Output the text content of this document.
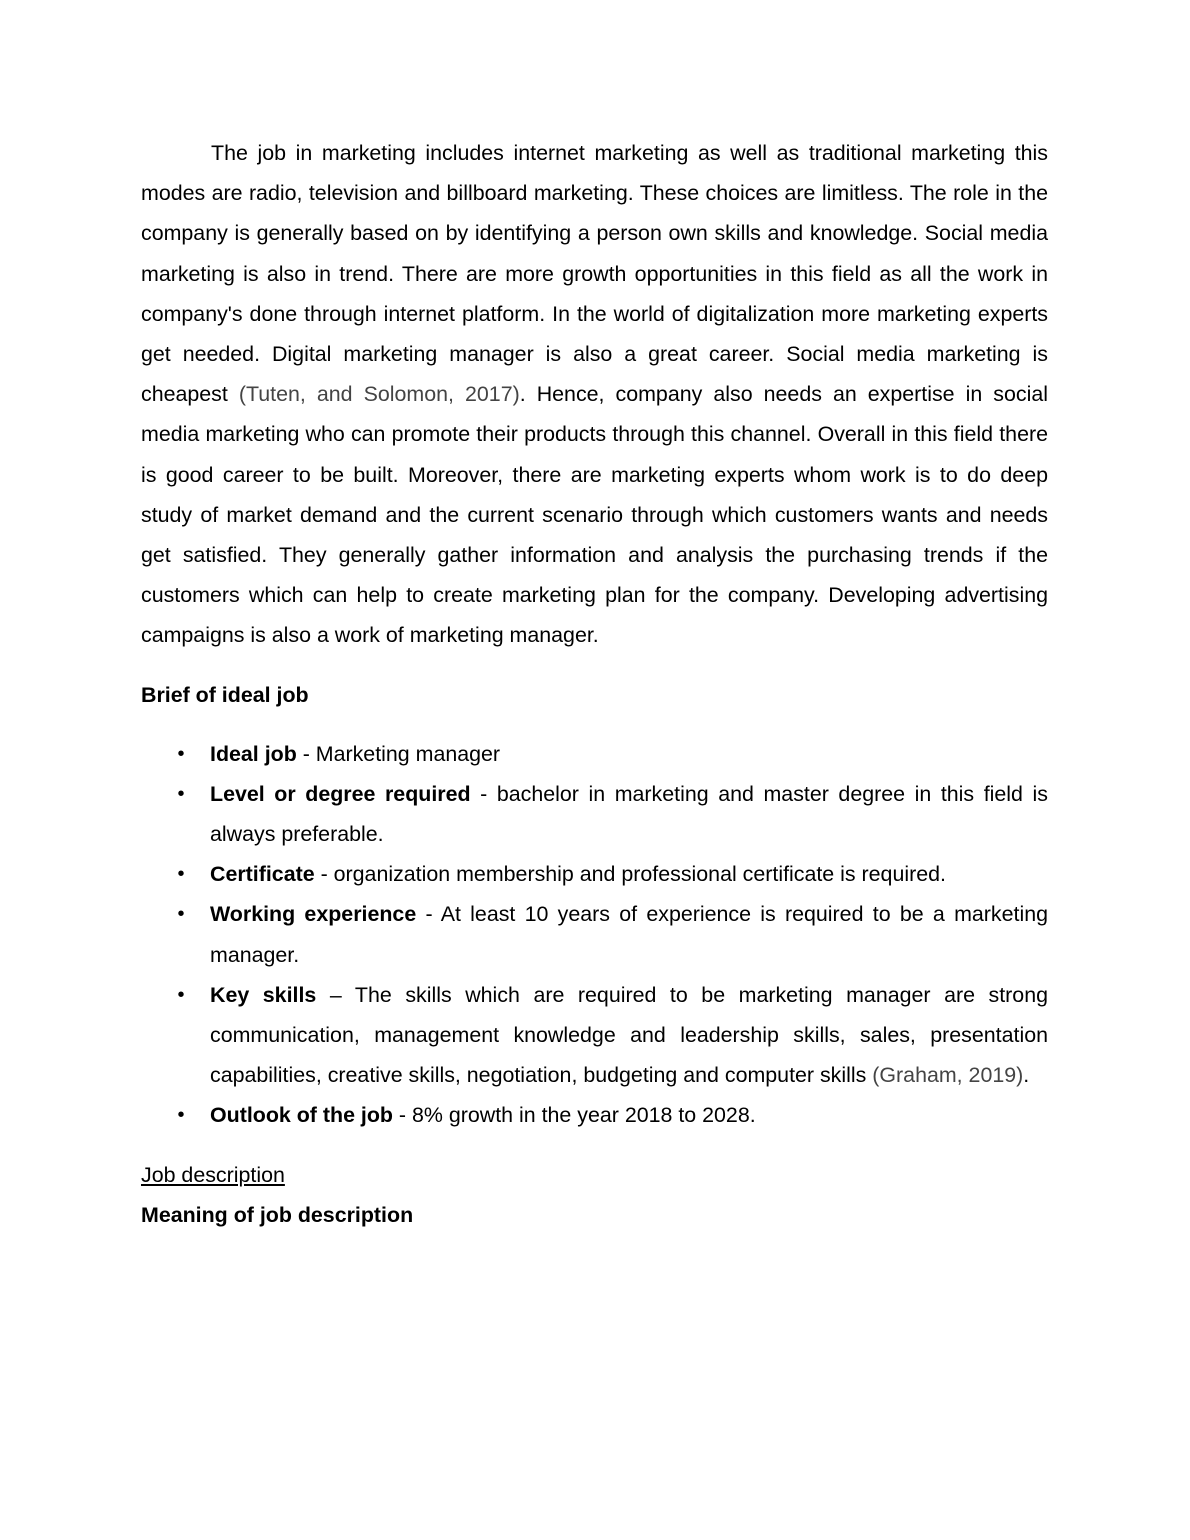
The job in marketing includes internet marketing as well as traditional marketing this modes are radio, television and billboard marketing. These choices are limitless. The role in the company is generally based on by identifying a person own skills and knowledge. Social media marketing is also in trend. There are more growth opportunities in this field as all the work in company's done through internet platform. In the world of digitalization more marketing experts get needed. Digital marketing manager is also a great career. Social media marketing is cheapest (Tuten, and Solomon, 2017). Hence, company also needs an expertise in social media marketing who can promote their products through this channel. Overall in this field there is good career to be built. Moreover, there are marketing experts whom work is to do deep study of market demand and the current scenario through which customers wants and needs get satisfied. They generally gather information and analysis the purchasing trends if the customers which can help to create marketing plan for the company. Developing advertising campaigns is also a work of marketing manager.

Brief of ideal job

•	Ideal job - Marketing manager
•	Level or degree required - bachelor in marketing and master degree in this field is always preferable.
•	Certificate - organization membership and professional certificate is required.
•	Working experience - At least 10 years of experience is required to be a marketing manager.
•	Key skills – The skills which are required to be marketing manager are strong communication, management knowledge and leadership skills, sales, presentation capabilities, creative skills, negotiation, budgeting and computer skills (Graham, 2019).
•	Outlook of the job - 8% growth in the year 2018 to 2028.

Job description

Meaning of job description
